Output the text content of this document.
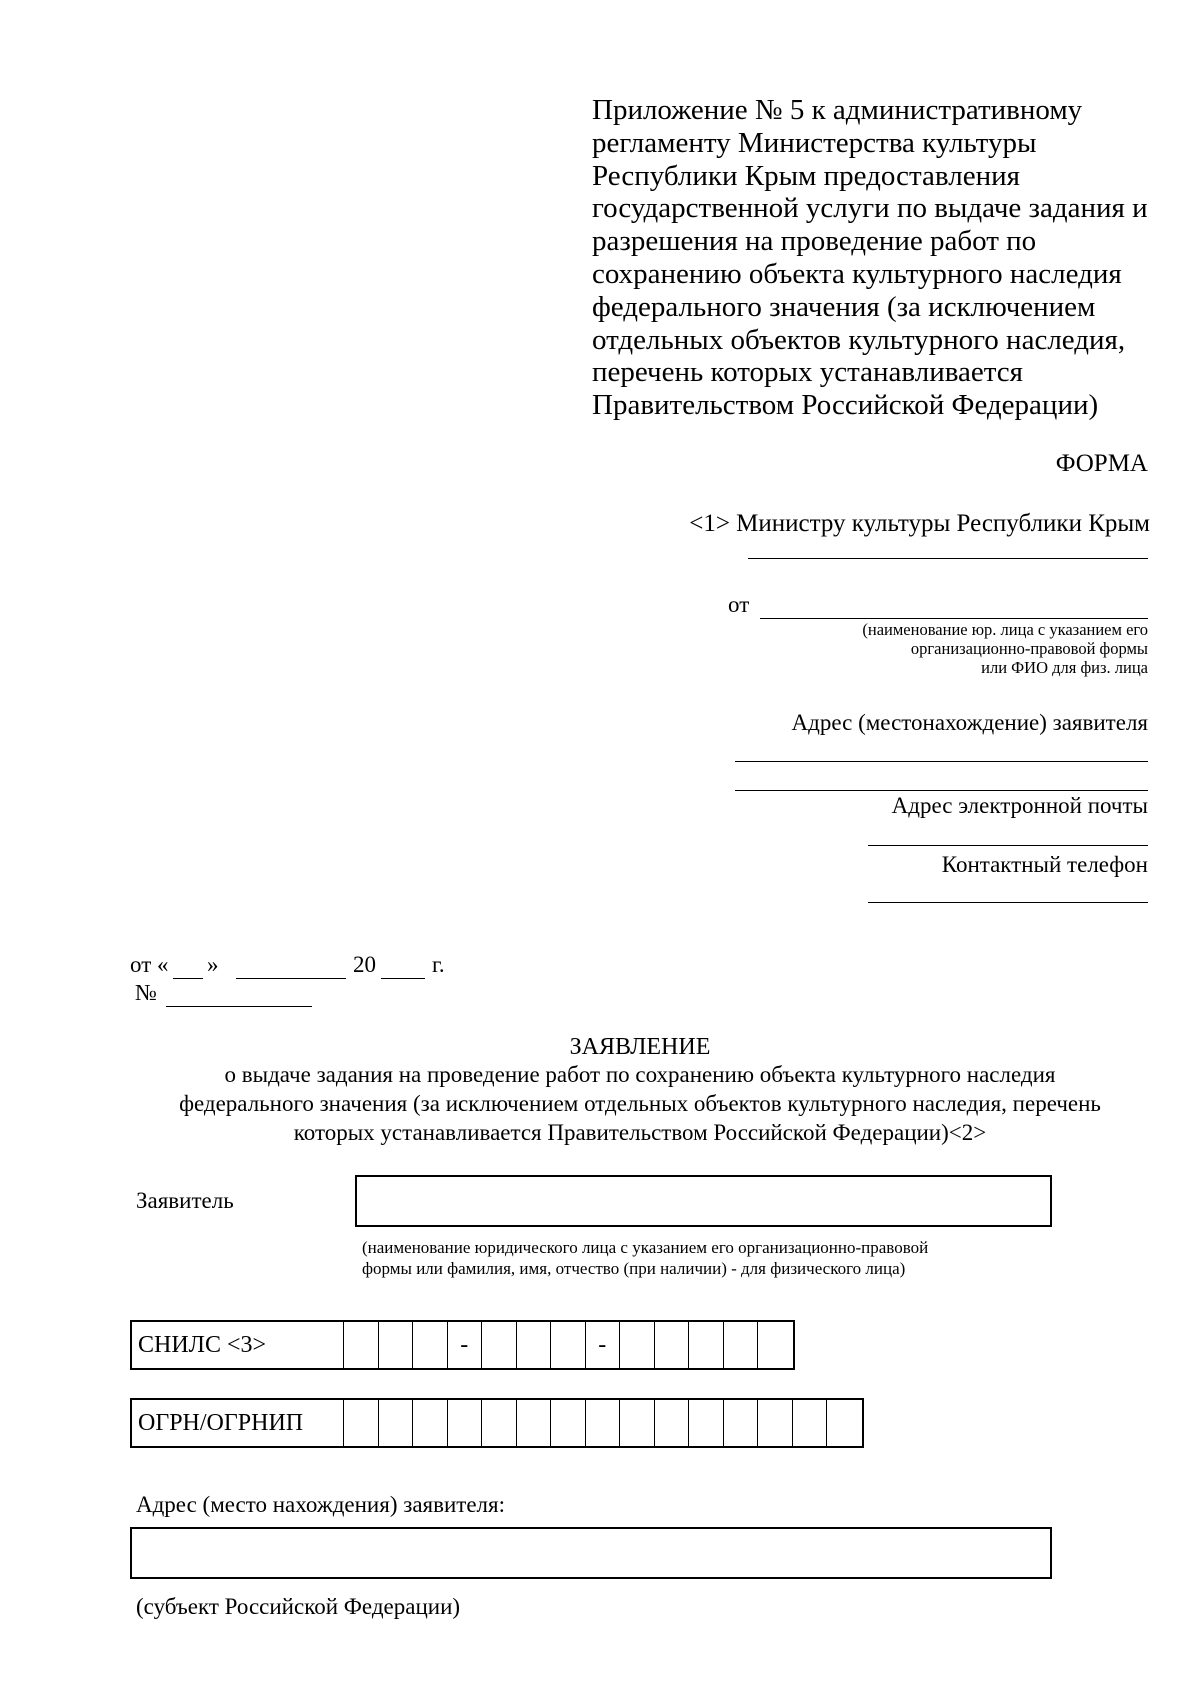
Приложение № 5 к административному
регламенту Министерства культуры
Республики Крым предоставления
государственной услуги по выдаче задания и
разрешения на проведение работ по
сохранению объекта культурного наследия
федерального значения (за исключением
отдельных объектов культурного наследия,
перечень которых устанавливается
Правительством Российской Федерации)
ФОРМА
<1> Министру культуры Республики Крым
от
(наименование юр. лица с указанием его
организационно-правовой формы
или ФИО для физ. лица
Адрес (местонахождение) заявителя
Адрес электронной почты
Контактный телефон
от « »	20 г.
№
ЗАЯВЛЕНИЕ
о выдаче задания на проведение работ по сохранению объекта культурного наследия
федерального значения (за исключением отдельных объектов культурного наследия, перечень
которых устанавливается Правительством Российской Федерации)<2>
Заявитель
(наименование юридического лица с указанием его организационно-правовой
формы или фамилия, имя, отчество (при наличии) - для физического лица)
СНИЛС <3>	-	-
ОГРН/ОГРНИП
Адрес (место нахождения) заявителя:
(субъект Российской Федерации)
